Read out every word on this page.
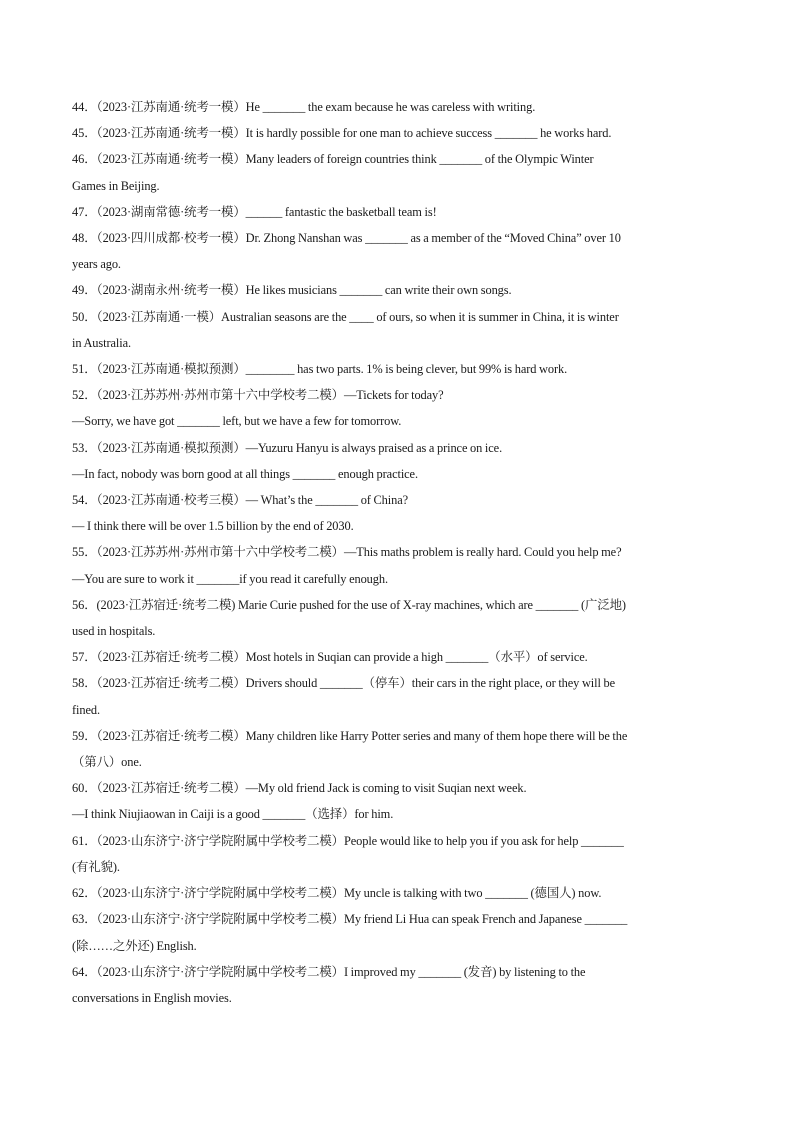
44．（2023·江苏南通·统考一模）He _______ the exam because he was careless with writing.
45．（2023·江苏南通·统考一模）It is hardly possible for one man to achieve success _______ he works hard.
46．（2023·江苏南通·统考一模）Many leaders of foreign countries think _______ of the Olympic Winter
Games in Beijing.
47．（2023·湖南常德·统考一模）______ fantastic the basketball team is!
48．（2023·四川成都·校考一模）Dr. Zhong Nanshan was _______ as a member of the “Moved China” over 10
years ago.
49．（2023·湖南永州·统考一模）He likes musicians _______ can write their own songs.
50．（2023·江苏南通·一模）Australian seasons are the ____ of ours, so when it is summer in China, it is winter
in Australia.
51．（2023·江苏南通·模拟预测）________ has two parts. 1% is being clever, but 99% is hard work.
52．（2023·江苏苏州·苏州市第十六中学校考二模）—Tickets for today?
—Sorry, we have got _______ left, but we have a few for tomorrow.
53．（2023·江苏南通·模拟预测）—Yuzuru Hanyu is always praised as a prince on ice.
—In fact, nobody was born good at all things _______ enough practice.
54．（2023·江苏南通·校考三模）— What’s the _______ of China?
— I think there will be over 1.5 billion by the end of 2030.
55．（2023·江苏苏州·苏州市第十六中学校考二模）—This maths problem is really hard. Could you help me?
—You are sure to work it _______if you read it carefully enough.
56．(2023·江苏宿迁·统考二模) Marie Curie pushed for the use of X-ray machines, which are _______ (广泛地)
used in hospitals.
57．（2023·江苏宿迁·统考二模）Most hotels in Suqian can provide a high _______（水平）of service.
58．（2023·江苏宿迁·统考二模）Drivers should _______（停车）their cars in the right place, or they will be
fined.
59．（2023·江苏宿迁·统考二模）Many children like Harry Potter series and many of them hope there will be the
（第八）one.
60．（2023·江苏宿迁·统考二模）—My old friend Jack is coming to visit Suqian next week.
—I think Niujiaowan in Caiji is a good _______（选择）for him.
61．（2023·山东济宁·济宁学院附属中学校考二模）People would like to help you if you ask for help _______
(有礼貌).
62．（2023·山东济宁·济宁学院附属中学校考二模）My uncle is talking with two _______ (德国人) now.
63．（2023·山东济宁·济宁学院附属中学校考二模）My friend Li Hua can speak French and Japanese _______
(除……之外还) English.
64．（2023·山东济宁·济宁学院附属中学校考二模）I improved my _______ (发音) by listening to the
conversations in English movies.
